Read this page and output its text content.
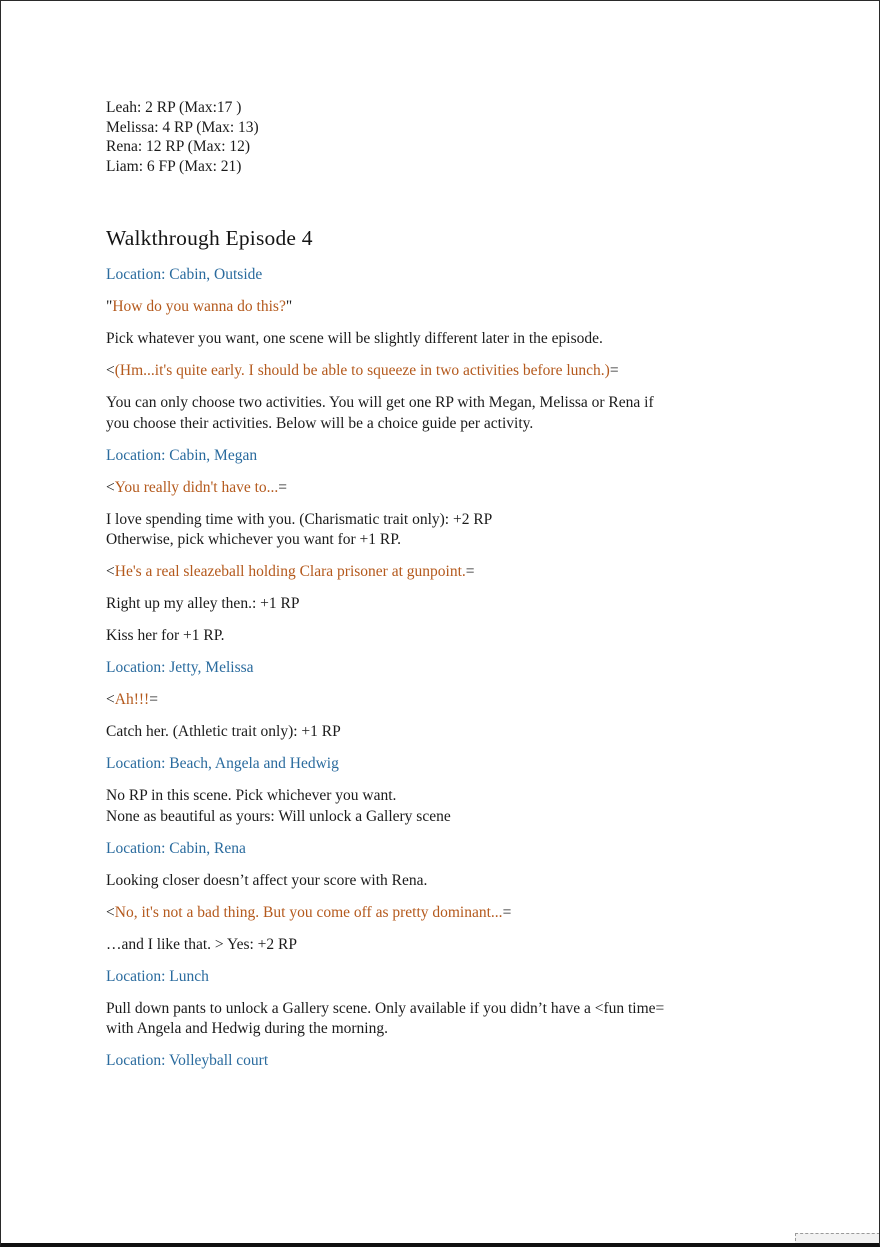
Leah: 2 RP (Max:17 )
Melissa: 4 RP (Max: 13)
Rena: 12 RP (Max: 12)
Liam: 6 FP (Max: 21)
Walkthrough Episode 4

Location: Cabin, Outside

"How do you wanna do this?"

Pick whatever you want, one scene will be slightly different later in the episode.

<(Hm...it's quite early. I should be able to squeeze in two activities before lunch.)=

You can only choose two activities. You will get one RP with Megan, Melissa or Rena if you choose their activities. Below will be a choice guide per activity.

Location: Cabin, Megan

<You really didn't have to...=

I love spending time with you. (Charismatic trait only): +2 RP
Otherwise, pick whichever you want for +1 RP.

<He's a real sleazeball holding Clara prisoner at gunpoint.=

Right up my alley then.: +1 RP

Kiss her for +1 RP.

Location: Jetty, Melissa

<Ah!!!=

Catch her. (Athletic trait only): +1 RP

Location: Beach, Angela and Hedwig

No RP in this scene. Pick whichever you want.
None as beautiful as yours: Will unlock a Gallery scene

Location: Cabin, Rena

Looking closer doesn’t affect your score with Rena.

<No, it's not a bad thing. But you come off as pretty dominant...=

…and I like that. > Yes: +2 RP

Location: Lunch

Pull down pants to unlock a Gallery scene. Only available if you didn’t have a <fun time= with Angela and Hedwig during the morning.

Location: Volleyball court
